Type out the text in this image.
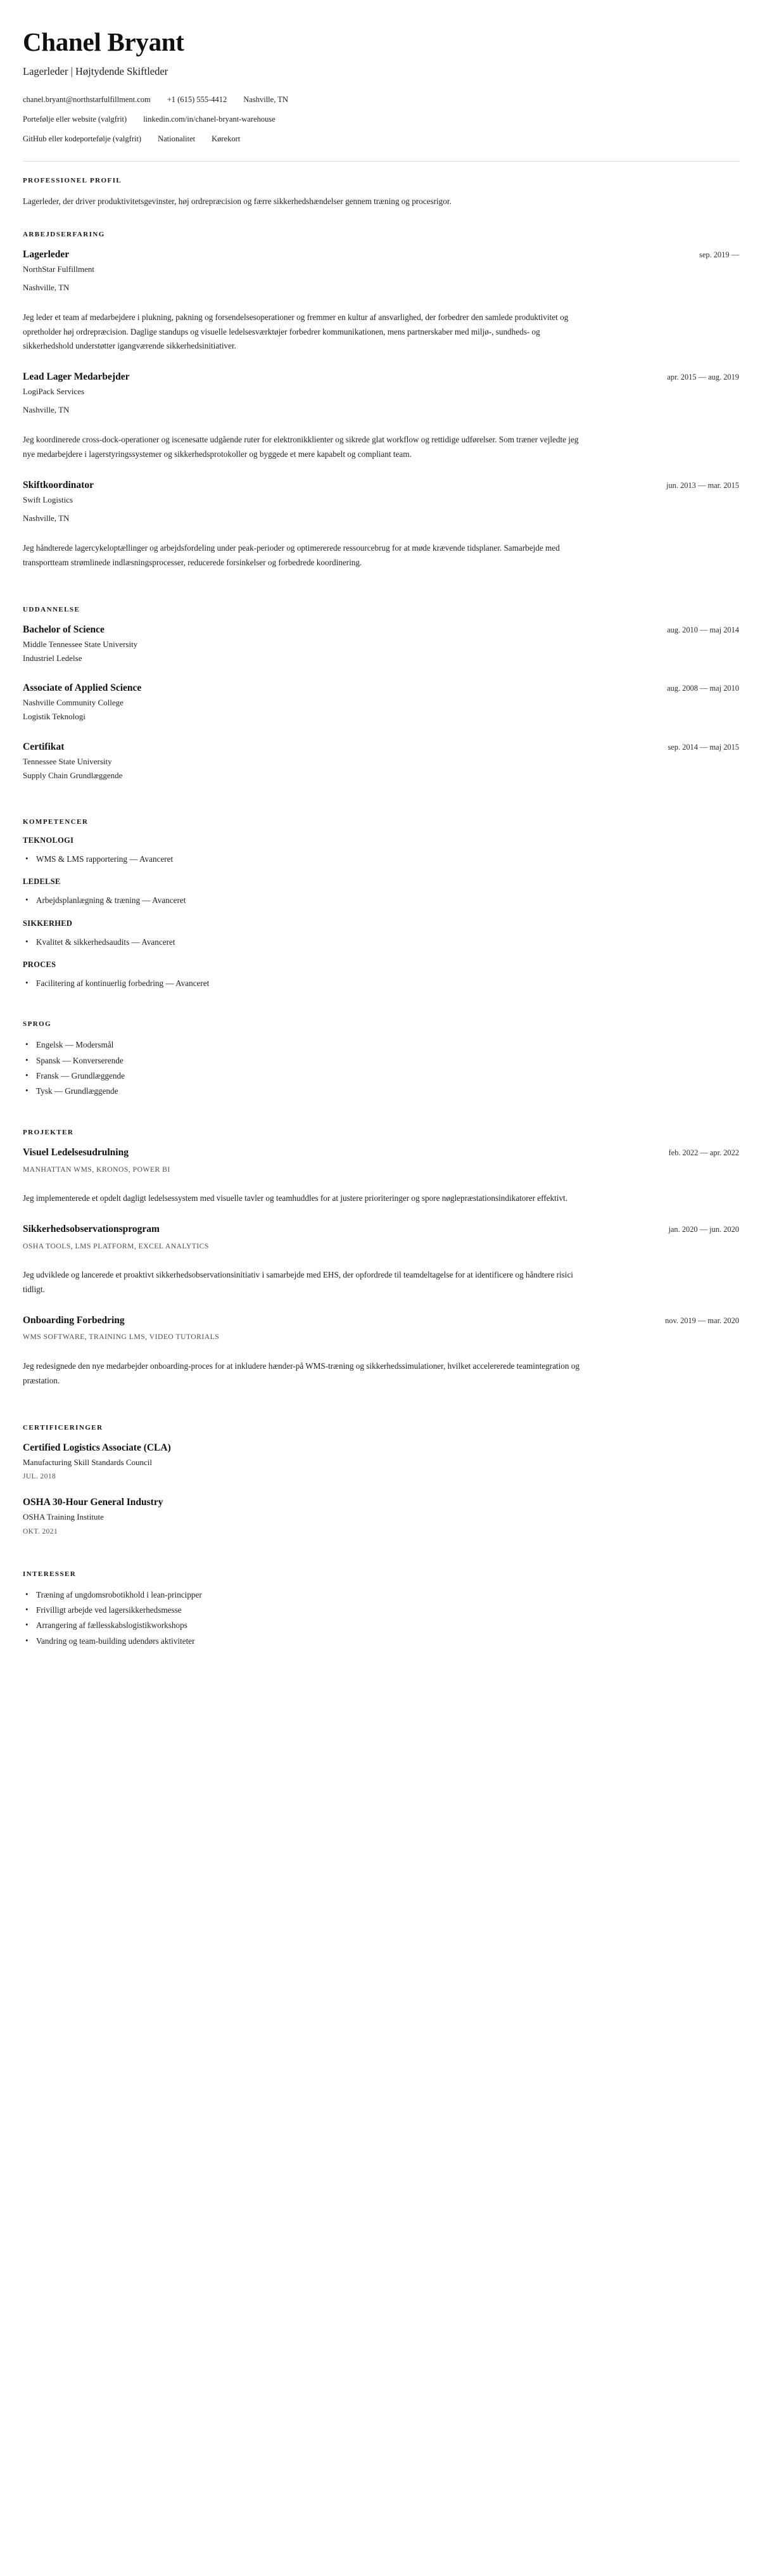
Chanel Bryant
Lagerleder | Højtydende Skiftleder
chanel.bryant@northstarfulfillment.com +1 (615) 555-4412 Nashville, TN
Portefølje eller website (valgfrit) linkedin.com/in/chanel-bryant-warehouse
GitHub eller kodeportefølje (valgfrit) Nationalitet Kørekort
PROFESSIONEL PROFIL

Lagerleder, der driver produktivitetsgevinster, høj ordrepræcision og færre sikkerhedshændelser gennem træning og procesrigor.

ARBEJDSERFARING
Lagerleder	sep. 2019 —
NorthStar Fulfillment
Nashville, TN

Jeg leder et team af medarbejdere i plukning, pakning og forsendelsesoperationer og fremmer en kultur af ansvarlighed, der forbedrer den samlede produktivitet og opretholder høj ordrepræcision. Daglige standups og visuelle ledelsesværktøjer forbedrer kommunikationen, mens partnerskaber med miljø-, sundheds- og sikkerhedshold understøtter igangværende sikkerhedsinitiativer.

Lead Lager Medarbejder	apr. 2015 — aug. 2019
LogiPack Services
Nashville, TN

Jeg koordinerede cross-dock-operationer og iscenesatte udgående ruter for elektronikklienter og sikrede glat workflow og rettidige udførelser. Som træner vejledte jeg nye medarbejdere i lagerstyringssystemer og sikkerhedsprotokoller og byggede et mere kapabelt og compliant team.

Skiftkoordinator	jun. 2013 — mar. 2015
Swift Logistics
Nashville, TN

Jeg håndterede lagercykeloptællinger og arbejdsfordeling under peak-perioder og optimererede ressourcebrug for at møde krævende tidsplaner. Samarbejde med transportteam strømlinede indlæsningsprocesser, reducerede forsinkelser og forbedrede koordinering.

UDDANNELSE
Bachelor of Science	aug. 2010 — maj 2014
Middle Tennessee State University
Industriel Ledelse
Associate of Applied Science	aug. 2008 — maj 2010
Nashville Community College
Logistik Teknologi
Certifikat	sep. 2014 — maj 2015
Tennessee State University
Supply Chain Grundlæggende
KOMPETENCER
TEKNOLOGI
• WMS & LMS rapportering — Avanceret
LEDELSE
• Arbejdsplanlægning & træning — Avanceret
SIKKERHED
• Kvalitet & sikkerhedsaudits — Avanceret
PROCES
• Facilitering af kontinuerlig forbedring — Avanceret
SPROG
• Engelsk — Modersmål
• Spansk — Konverserende
• Fransk — Grundlæggende
• Tysk — Grundlæggende
PROJEKTER
Visuel Ledelsesudrulning	feb. 2022 — apr. 2022
MANHATTAN WMS, KRONOS, POWER BI

Jeg implementerede et opdelt dagligt ledelsessystem med visuelle tavler og teamhuddles for at justere prioriteringer og spore nøglepræstationsindikatorer effektivt.

Sikkerhedsobservationsprogram	jan. 2020 — jun. 2020
OSHA TOOLS, LMS PLATFORM, EXCEL ANALYTICS

Jeg udviklede og lancerede et proaktivt sikkerhedsobservationsinitiativ i samarbejde med EHS, der opfordrede til teamdeltagelse for at identificere og håndtere risici tidligt.

Onboarding Forbedring	nov. 2019 — mar. 2020
WMS SOFTWARE, TRAINING LMS, VIDEO TUTORIALS

Jeg redesignede den nye medarbejder onboarding-proces for at inkludere hænder-på WMS-træning og sikkerhedssimulationer, hvilket accelererede teamintegration og præstation.

CERTIFICERINGER
Certified Logistics Associate (CLA)
Manufacturing Skill Standards Council
JUL. 2018
OSHA 30-Hour General Industry
OSHA Training Institute
OKT. 2021
INTERESSER
• Træning af ungdomsrobotikhold i lean-principper
• Frivilligt arbejde ved lagersikkerhedsmesse
• Arrangering af fællesskabslogistikworkshops
• Vandring og team-building udendørs aktiviteter
